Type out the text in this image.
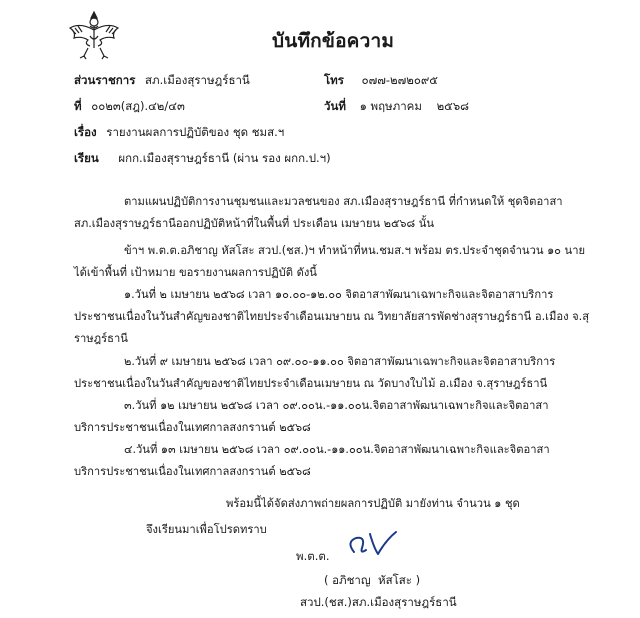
บันทึกข้อความ
ส่วนราชการ สภ.เมืองสุราษฎร์ธานี	โทร ๐๗๗-๒๗๒๐๙๕
ที่ ๐๐๒๓(สฎ).๔๒/๔๓	วันที่ ๑ พฤษภาคม    ๒๕๖๘
เรื่อง รายงานผลการปฏิบัติของ ชุด ชมส.ฯ
เรียน ผกก.เมืองสุราษฎร์ธานี (ผ่าน รอง ผกก.ป.ฯ)
ตามแผนปฏิบัติการงานชุมชนและมวลชนของ สภ.เมืองสุราษฎร์ธานี ที่กำหนดให้ ชุดจิตอาสา
สภ.เมืองสุราษฎร์ธานีออกปฏิบัติหน้าที่ในพื้นที่ ประเดือน เมษายน ๒๕๖๘ นั้น
ข้าฯ พ.ต.ต.อภิชาญ หัสโสะ สวป.(ชส.)ฯ ทำหน้าที่หน.ชมส.ฯ พร้อม ตร.ประจำชุดจำนวน ๑๐ นาย
ได้เข้าพื้นที่ เป้าหมาย ขอรายงานผลการปฏิบัติ ดังนี้
๑.วันที่ ๒ เมษายน ๒๕๖๘ เวลา ๑๐.๐๐-๑๒.๐๐ จิตอาสาพัฒนาเฉพาะกิจและจิตอาสาบริการ
ประชาชนเนื่องในวันสำคัญของชาติไทยประจำเดือนเมษายน ณ วิทยาลัยสารพัดช่างสุราษฎร์ธานี อ.เมือง จ.สุ
ราษฎร์ธานี
๒.วันที่ ๙ เมษายน ๒๕๖๘ เวลา ๐๙.๐๐-๑๑.๐๐ จิตอาสาพัฒนาเฉพาะกิจและจิตอาสาบริการ
ประชาชนเนื่องในวันสำคัญของชาติไทยประจำเดือนเมษายน ณ วัดบางใบไม้ อ.เมือง จ.สุราษฎร์ธานี
๓.วันที่ ๑๒ เมษายน ๒๕๖๘ เวลา ๐๙.๐๐น.-๑๑.๐๐น.จิตอาสาพัฒนาเฉพาะกิจและจิตอาสา
บริการประชาชนเนื่องในเทศกาลสงกรานต์ ๒๕๖๘
๔.วันที่ ๑๓ เมษายน ๒๕๖๘ เวลา ๐๙.๐๐น.-๑๑.๐๐น.จิตอาสาพัฒนาเฉพาะกิจและจิตอาสา
บริการประชาชนเนื่องในเทศกาลสงกรานต์ ๒๕๖๘
พร้อมนี้ได้จัดส่งภาพถ่ายผลการปฏิบัติ มายังท่าน จำนวน ๑ ชุด
จึงเรียนมาเพื่อโปรดทราบ
พ.ต.ต.
( อภิชาญ  หัสโสะ )
สวป.(ชส.)สภ.เมืองสุราษฎร์ธานี
